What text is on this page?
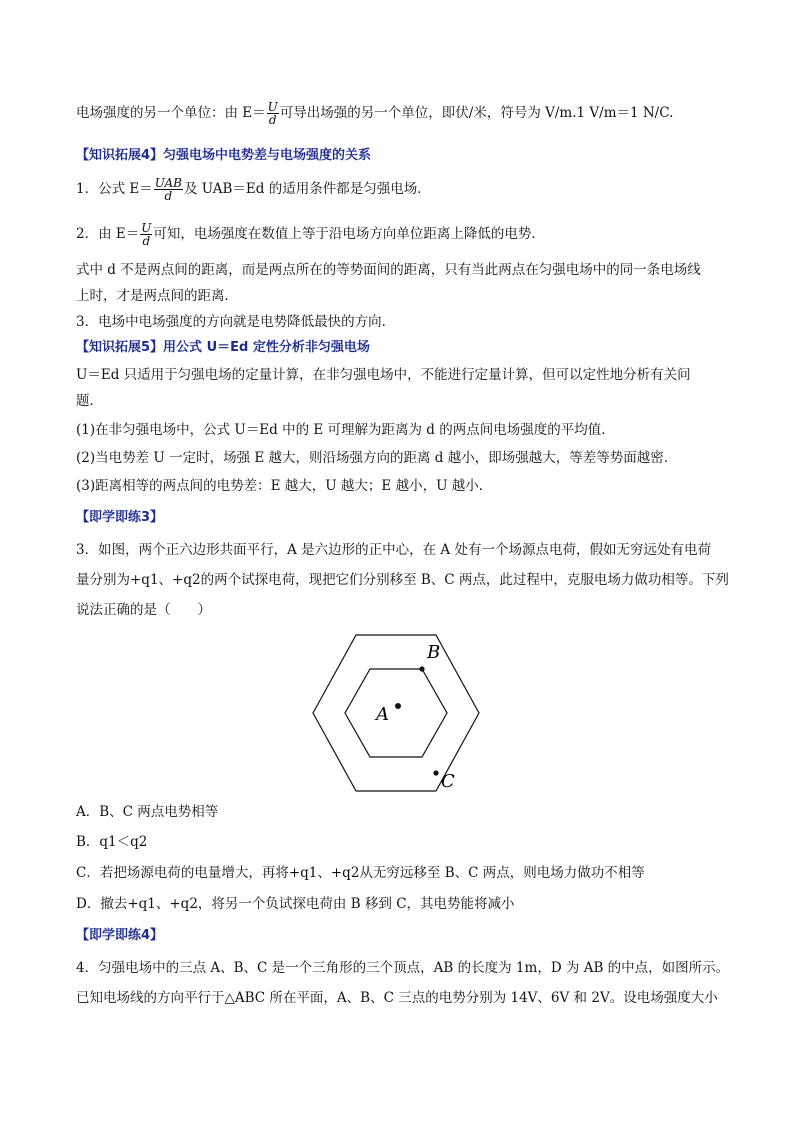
电场强度的另一个单位：由 $E= \frac{U}{d}$ 可导出场强的另一个单位，即伏/米，符号为 V/m.1 V/m＝1 N/C.
【知识拓展4】匀强电场中电势差与电场强度的关系
1．公式 $E= \frac{\text{UAB}}{d}$ 及 UAB＝Ed 的适用条件都是匀强电场．
2．由 $E= \frac{U}{d}$ 可知，电场强度在数值上等于沿电场方向单位距离上降低的电势．
式中 d 不是两点间的距离，而是两点所在的等势面间的距离，只有当此两点在匀强电场中的同一条电场线
上时，才是两点间的距离．
3．电场中电场强度的方向就是电势降低最快的方向．
【知识拓展5】用公式 U＝Ed 定性分析非匀强电场
U＝Ed 只适用于匀强电场的定量计算，在非匀强电场中，不能进行定量计算，但可以定性地分析有关问
题．
(1)在非匀强电场中，公式 U＝Ed 中的 E 可理解为距离为 d 的两点间电场强度的平均值．
(2)当电势差 U 一定时，场强 E 越大，则沿场强方向的距离 d 越小，即场强越大，等差等势面越密．
(3)距离相等的两点间的电势差：E 越大，U 越大；E 越小，U 越小．
【即学即练3】
3．如图，两个正六边形共面平行，A 是六边形的正中心，在 A 处有一个场源点电荷，假如无穷远处有电荷
量分别为+q1、+q2的两个试探电荷，现把它们分别移至 B、C 两点，此过程中，克服电场力做功相等。下列
说法正确的是（　　）
A
B
C
A．B、C 两点电势相等
B．q1＜q2
C．若把场源电荷的电量增大，再将+q1、+q2从无穷远移至 B、C 两点，则电场力做功不相等
D．撤去+q1、+q2，将另一个负试探电荷由 B 移到 C，其电势能将减小
【即学即练4】
4．匀强电场中的三点 A、B、C 是一个三角形的三个顶点，AB 的长度为 1m，D 为 AB 的中点，如图所示。
已知电场线的方向平行于△ABC 所在平面，A、B、C 三点的电势分别为 14V、6V 和 2V。设电场强度大小
